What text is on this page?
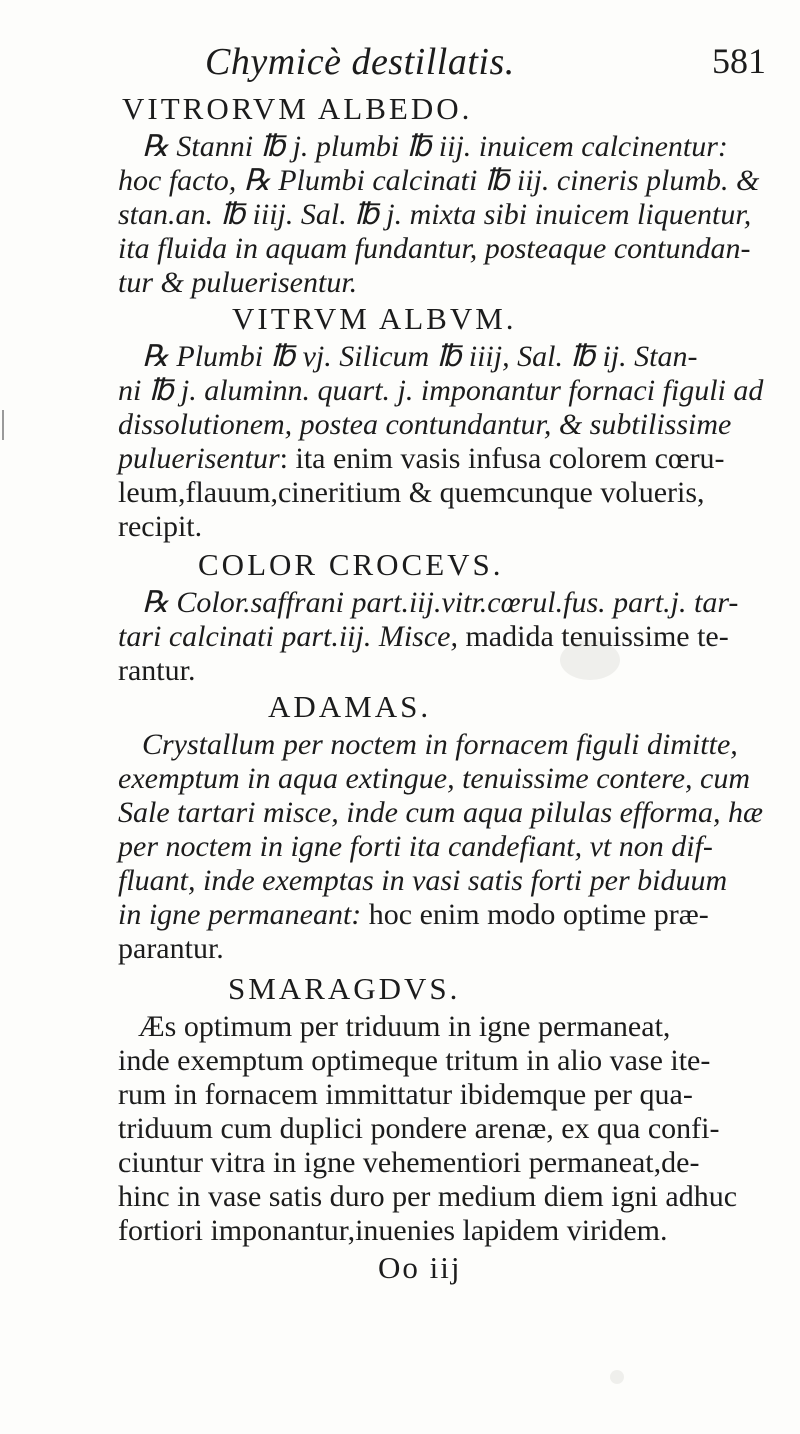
Chymicè destillatis.	581
VITRORVM ALBEDO.
℞ Stanni ℔ j. plumbi ℔ iij. inuicem calcinentur:
hoc facto, ℞ Plumbi calcinati ℔ iij. cineris plumb. &
stan.an. ℔ iiij. Sal. ℔ j. mixta sibi inuicem liquentur,
ita fluida in aquam fundantur, posteaque contundan-
tur & puluerisentur.
VITRVM ALBVM.
℞ Plumbi ℔ vj. Silicum ℔ iiij, Sal. ℔ ij. Stan-
ni ℔ j. aluminn. quart. j. imponantur fornaci figuli ad
dissolutionem, postea contundantur, & subtilissime
puluerisentur: ita enim vasis infusa colorem cœru-
leum,flauum,cineritium & quemcunque volueris,
recipit.
COLOR CROCEVS.
℞ Color.saffrani part.iij.vitr.cœrul.fus. part.j. tar-
tari calcinati part.iij. Misce, madida tenuissime te-
rantur.
ADAMAS.
Crystallum per noctem in fornacem figuli dimitte,
exemptum in aqua extingue, tenuissime contere, cum
Sale tartari misce, inde cum aqua pilulas efforma, hæ
per noctem in igne forti ita candefiant, vt non dif-
fluant, inde exemptas in vasi satis forti per biduum
in igne permaneant: hoc enim modo optime præ-
parantur.
SMARAGDVS.
Æs optimum per triduum in igne permaneat,
inde exemptum optimeque tritum in alio vase ite-
rum in fornacem immittatur ibidemque per qua-
triduum cum duplici pondere arenæ, ex qua confi-
ciuntur vitra in igne vehementiori permaneat,de-
hinc in vase satis duro per medium diem igni adhuc
fortiori imponantur,inuenies lapidem viridem.
Oo iij
